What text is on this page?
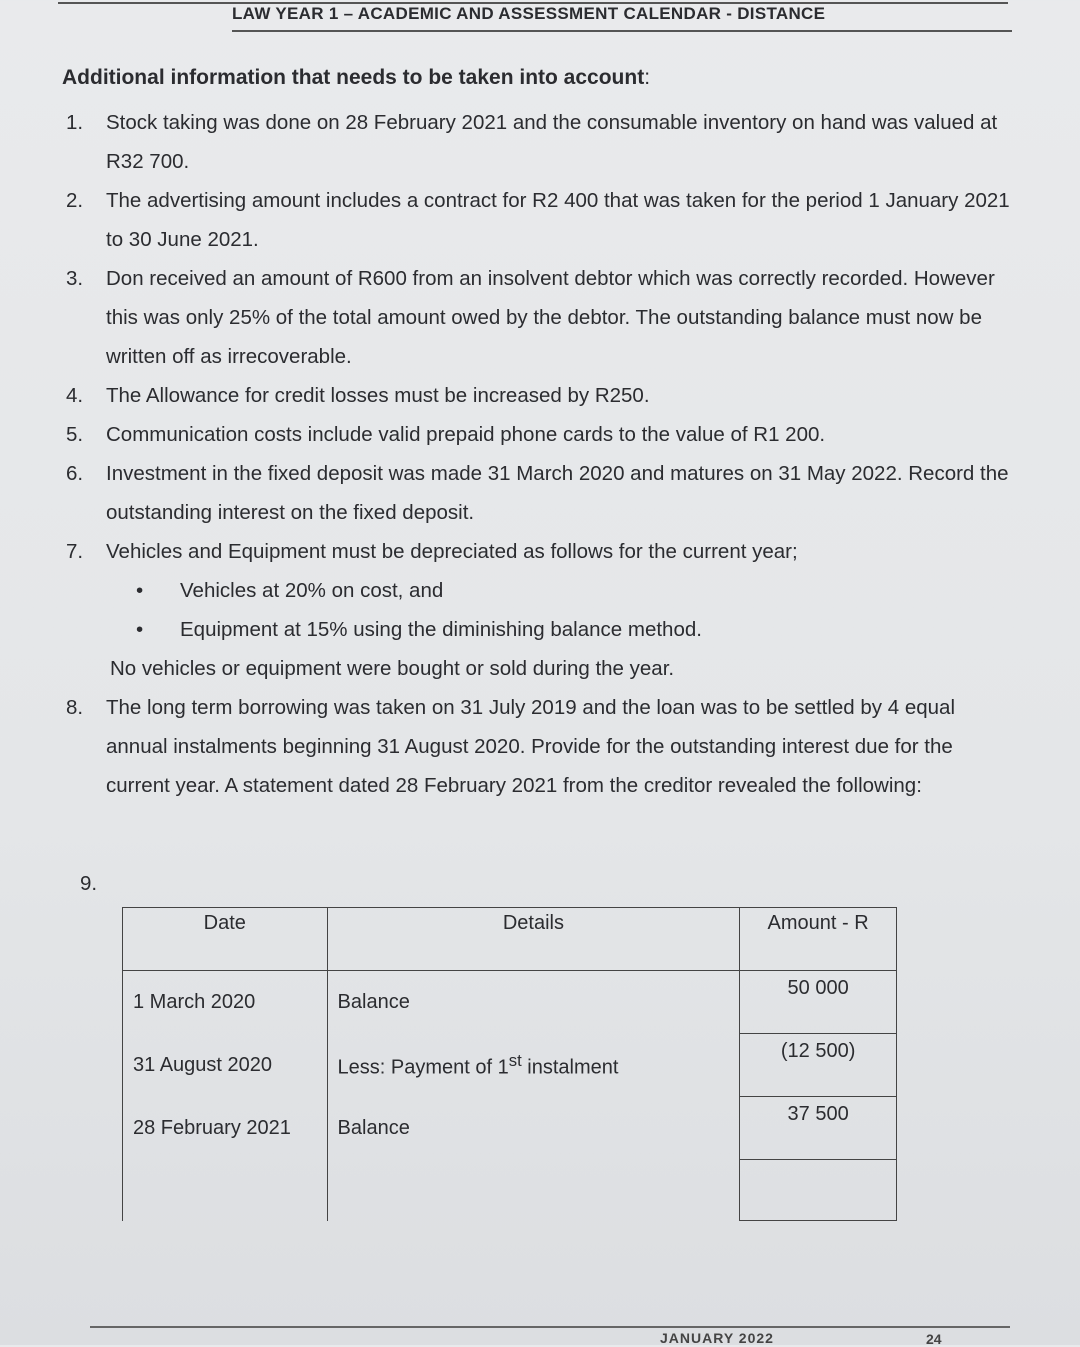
LAW YEAR 1 – ACADEMIC AND ASSESSMENT CALENDAR - DISTANCE
Additional information that needs to be taken into account:
1. Stock taking was done on 28 February 2021 and the consumable inventory on hand was valued at R32 700.
2. The advertising amount includes a contract for R2 400 that was taken for the period 1 January 2021 to 30 June 2021.
3. Don received an amount of R600 from an insolvent debtor which was correctly recorded. However this was only 25% of the total amount owed by the debtor. The outstanding balance must now be written off as irrecoverable.
4. The Allowance for credit losses must be increased by R250.
5. Communication costs include valid prepaid phone cards to the value of R1 200.
6. Investment in the fixed deposit was made 31 March 2020 and matures on 31 May 2022. Record the outstanding interest on the fixed deposit.
7. Vehicles and Equipment must be depreciated as follows for the current year;
• Vehicles at 20% on cost, and
• Equipment at 15% using the diminishing balance method.
No vehicles or equipment were bought or sold during the year.
8. The long term borrowing was taken on 31 July 2019 and the loan was to be settled by 4 equal annual instalments beginning 31 August 2020. Provide for the outstanding interest due for the current year. A statement dated 28 February 2021 from the creditor revealed the following:
9.
Date	Details	Amount - R
1 March 2020	Balance	50 000
31 August 2020	Less: Payment of 1st instalment	(12 500)
28 February 2021	Balance	37 500

JANUARY 2022	24
